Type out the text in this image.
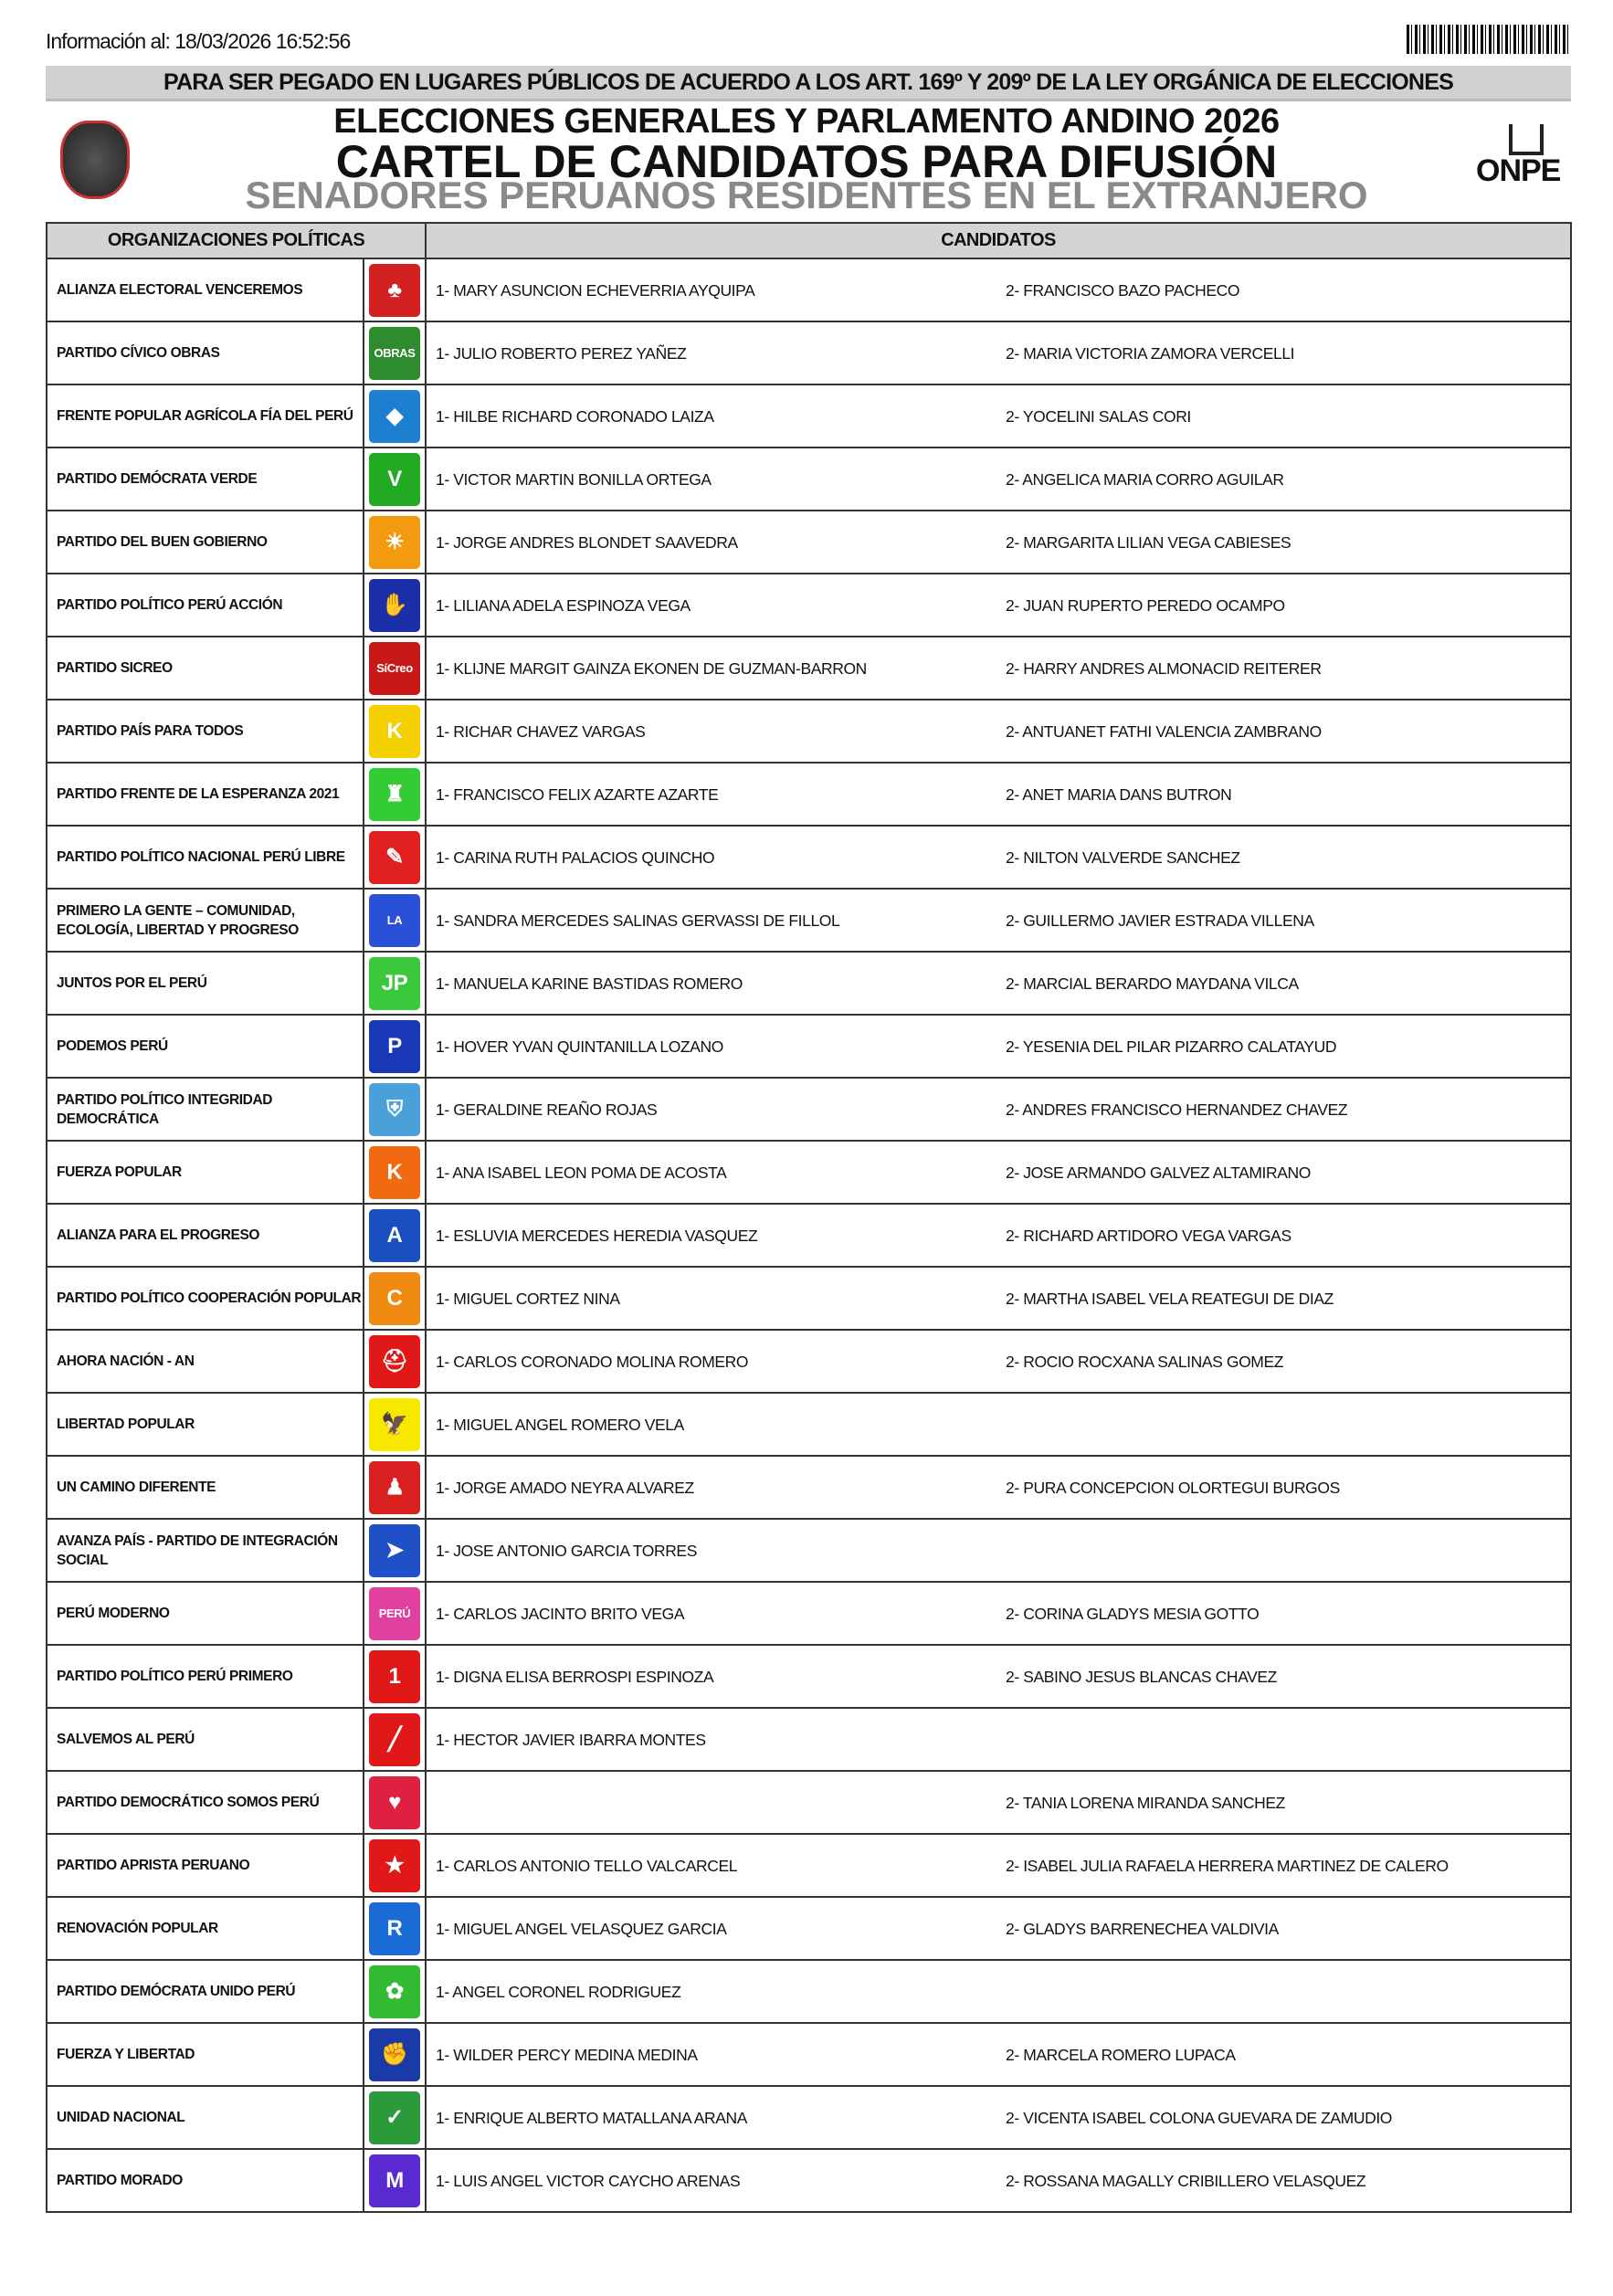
Información al: 18/03/2026 16:52:56
PARA SER PEGADO EN LUGARES PÚBLICOS DE ACUERDO A LOS ART. 169º Y 209º DE LA LEY ORGÁNICA DE ELECCIONES
ELECCIONES GENERALES Y PARLAMENTO ANDINO 2026
CARTEL DE CANDIDATOS PARA DIFUSIÓN
SENADORES PERUANOS RESIDENTES EN EL EXTRANJERO
ONPE
ORGANIZACIONES POLÍTICAS		CANDIDATOS
ALIANZA ELECTORAL VENCEREMOS	♣	1- MARY ASUNCION ECHEVERRIA AYQUIPA 2- FRANCISCO BAZO PACHECO

PARTIDO CÍVICO OBRAS	OBRAS	1- JULIO ROBERTO PEREZ YAÑEZ 2- MARIA VICTORIA ZAMORA VERCELLI

FRENTE POPULAR AGRÍCOLA FÍA DEL PERÚ	◆	1- HILBE RICHARD CORONADO LAIZA 2- YOCELINI SALAS CORI

PARTIDO DEMÓCRATA VERDE	V	1- VICTOR MARTIN BONILLA ORTEGA 2- ANGELICA MARIA CORRO AGUILAR

PARTIDO DEL BUEN GOBIERNO	☀	1- JORGE ANDRES BLONDET SAAVEDRA 2- MARGARITA LILIAN VEGA CABIESES

PARTIDO POLÍTICO PERÚ ACCIÓN	✋	1- LILIANA ADELA ESPINOZA VEGA 2- JUAN RUPERTO PEREDO OCAMPO

PARTIDO SICREO	SíCreo	1- KLIJNE MARGIT GAINZA EKONEN DE GUZMAN-BARRON 2- HARRY ANDRES ALMONACID REITERER

PARTIDO PAÍS PARA TODOS	K	1- RICHAR CHAVEZ VARGAS 2- ANTUANET FATHI VALENCIA ZAMBRANO

PARTIDO FRENTE DE LA ESPERANZA 2021	♜	1- FRANCISCO FELIX AZARTE AZARTE 2- ANET MARIA DANS BUTRON

PARTIDO POLÍTICO NACIONAL PERÚ LIBRE	✎	1- CARINA RUTH PALACIOS QUINCHO 2- NILTON VALVERDE SANCHEZ

PRIMERO LA GENTE – COMUNIDAD, ECOLOGÍA, LIBERTAD Y PROGRESO	LA	1- SANDRA MERCEDES SALINAS GERVASSI DE FILLOL 2- GUILLERMO JAVIER ESTRADA VILLENA

JUNTOS POR EL PERÚ	JP	1- MANUELA KARINE BASTIDAS ROMERO 2- MARCIAL BERARDO MAYDANA VILCA

PODEMOS PERÚ	P	1- HOVER YVAN QUINTANILLA LOZANO 2- YESENIA DEL PILAR PIZARRO CALATAYUD

PARTIDO POLÍTICO INTEGRIDAD DEMOCRÁTICA	⛨	1- GERALDINE REAÑO ROJAS 2- ANDRES FRANCISCO HERNANDEZ CHAVEZ

FUERZA POPULAR	K	1- ANA ISABEL LEON POMA DE ACOSTA 2- JOSE ARMANDO GALVEZ ALTAMIRANO

ALIANZA PARA EL PROGRESO	A	1- ESLUVIA MERCEDES HEREDIA VASQUEZ 2- RICHARD ARTIDORO VEGA VARGAS

PARTIDO POLÍTICO COOPERACIÓN POPULAR	C	1- MIGUEL CORTEZ NINA 2- MARTHA ISABEL VELA REATEGUI DE DIAZ

AHORA NACIÓN - AN	⛑	1- CARLOS CORONADO MOLINA ROMERO 2- ROCIO ROCXANA SALINAS GOMEZ

LIBERTAD POPULAR	🦅	1- MIGUEL ANGEL ROMERO VELA

UN CAMINO DIFERENTE	♟	1- JORGE AMADO NEYRA ALVAREZ 2- PURA CONCEPCION OLORTEGUI BURGOS

AVANZA PAÍS - PARTIDO DE INTEGRACIÓN SOCIAL	➤	1- JOSE ANTONIO GARCIA TORRES

PERÚ MODERNO	PERÚ	1- CARLOS JACINTO BRITO VEGA 2- CORINA GLADYS MESIA GOTTO

PARTIDO POLÍTICO PERÚ PRIMERO	1	1- DIGNA ELISA BERROSPI ESPINOZA 2- SABINO JESUS BLANCAS CHAVEZ

SALVEMOS AL PERÚ	╱	1- HECTOR JAVIER IBARRA MONTES

PARTIDO DEMOCRÁTICO SOMOS PERÚ	♥	2- TANIA LORENA MIRANDA SANCHEZ

PARTIDO APRISTA PERUANO	★	1- CARLOS ANTONIO TELLO VALCARCEL 2- ISABEL JULIA RAFAELA HERRERA MARTINEZ DE CALERO

RENOVACIÓN POPULAR	R	1- MIGUEL ANGEL VELASQUEZ GARCIA 2- GLADYS BARRENECHEA VALDIVIA

PARTIDO DEMÓCRATA UNIDO PERÚ	✿	1- ANGEL CORONEL RODRIGUEZ

FUERZA Y LIBERTAD	✊	1- WILDER PERCY MEDINA MEDINA 2- MARCELA ROMERO LUPACA

UNIDAD NACIONAL	✓	1- ENRIQUE ALBERTO MATALLANA ARANA 2- VICENTA ISABEL COLONA GUEVARA DE ZAMUDIO

PARTIDO MORADO	M	1- LUIS ANGEL VICTOR CAYCHO ARENAS 2- ROSSANA MAGALLY CRIBILLERO VELASQUEZ
